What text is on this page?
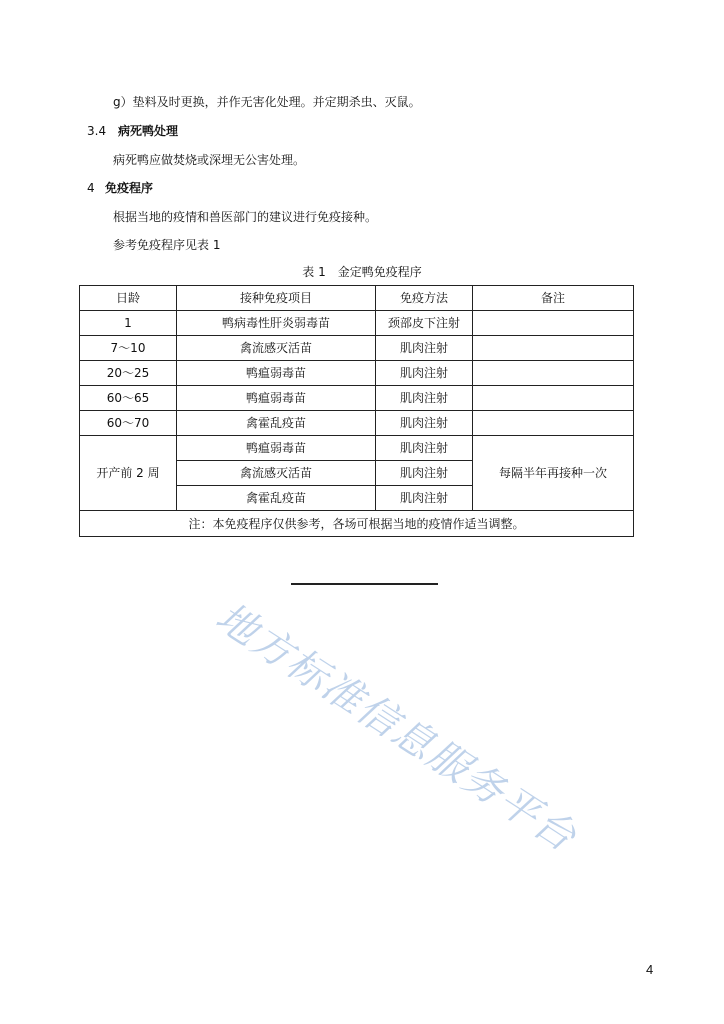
g）垫料及时更换，并作无害化处理。并定期杀虫、灭鼠。
3.4 病死鸭处理
病死鸭应做焚烧或深埋无公害处理。
4 免疫程序
根据当地的疫情和兽医部门的建议进行免疫接种。
参考免疫程序见表 1
表 1　金定鸭免疫程序
日龄	接种免疫项目	免疫方法	备注
1	鸭病毒性肝炎弱毒苗	颈部皮下注射	
7～10	禽流感灭活苗	肌肉注射	
20～25	鸭瘟弱毒苗	肌肉注射	
60～65	鸭瘟弱毒苗	肌肉注射	
60～70	禽霍乱疫苗	肌肉注射	
开产前 2 周	鸭瘟弱毒苗	肌肉注射	每隔半年再接种一次
	禽流感灭活苗	肌肉注射	
	禽霍乱疫苗	肌肉注射	
注：本免疫程序仅供参考，各场可根据当地的疫情作适当调整。			
地方标准信息服务平台
4
